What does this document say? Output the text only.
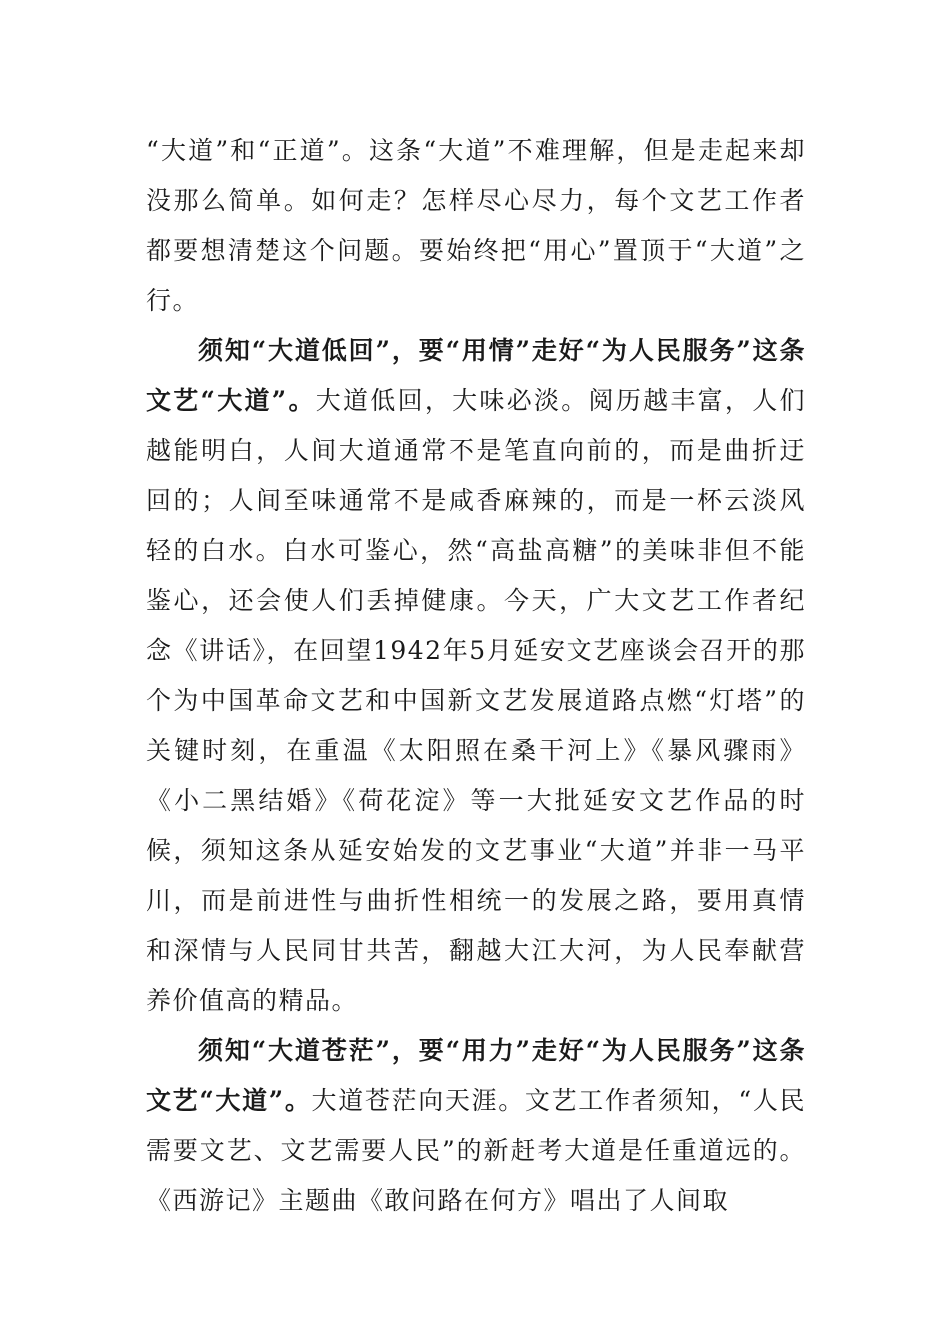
“大道”和“正道”。这条“大道”不难理解，但是走起来却没那么简单。如何走？怎样尽心尽力，每个文艺工作者都要想清楚这个问题。要始终把“用心”置顶于“大道”之行。

须知“大道低回”，要“用情”走好“为人民服务”这条文艺“大道”。大道低回，大味必淡。阅历越丰富，人们越能明白，人间大道通常不是笔直向前的，而是曲折迂回的；人间至味通常不是咸香麻辣的，而是一杯云淡风轻的白水。白水可鉴心，然“高盐高糖”的美味非但不能鉴心，还会使人们丢掉健康。今天，广大文艺工作者纪念《讲话》，在回望1942年5月延安文艺座谈会召开的那个为中国革命文艺和中国新文艺发展道路点燃“灯塔”的关键时刻，在重温《太阳照在桑干河上》《暴风骤雨》《小二黑结婚》《荷花淀》等一大批延安文艺作品的时候，须知这条从延安始发的文艺事业“大道”并非一马平川，而是前进性与曲折性相统一的发展之路，要用真情和深情与人民同甘共苦，翻越大江大河，为人民奉献营养价值高的精品。

须知“大道苍茫”，要“用力”走好“为人民服务”这条文艺“大道”。大道苍茫向天涯。文艺工作者须知，“人民需要文艺、文艺需要人民”的新赶考大道是任重道远的。《西游记》主题曲《敢问路在何方》唱出了人间取
